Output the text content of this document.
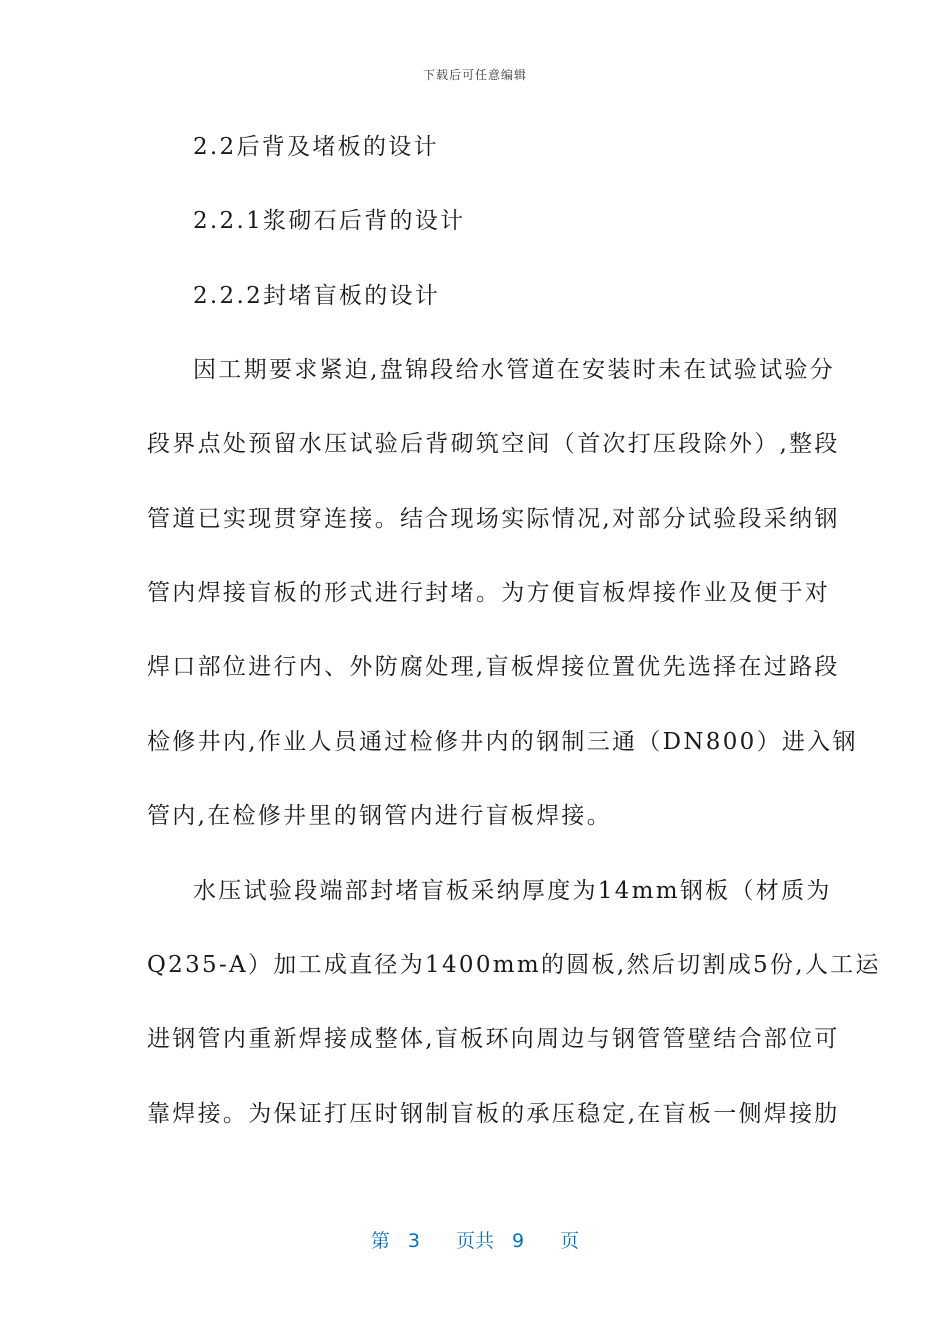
下载后可任意编辑
2.2后背及堵板的设计
2.2.1浆砌石后背的设计
2.2.2封堵盲板的设计
因工期要求紧迫,盘锦段给水管道在安装时未在试验试验分
段界点处预留水压试验后背砌筑空间（首次打压段除外）,整段
管道已实现贯穿连接。结合现场实际情况,对部分试验段采纳钢
管内焊接盲板的形式进行封堵。为方便盲板焊接作业及便于对
焊口部位进行内、外防腐处理,盲板焊接位置优先选择在过路段
检修井内,作业人员通过检修井内的钢制三通（DN800）进入钢
管内,在检修井里的钢管内进行盲板焊接。
水压试验段端部封堵盲板采纳厚度为14mm钢板（材质为
Q235-A）加工成直径为1400mm的圆板,然后切割成5份,人工运
进钢管内重新焊接成整体,盲板环向周边与钢管管壁结合部位可
靠焊接。为保证打压时钢制盲板的承压稳定,在盲板一侧焊接肋
第 3 页共 9 页
